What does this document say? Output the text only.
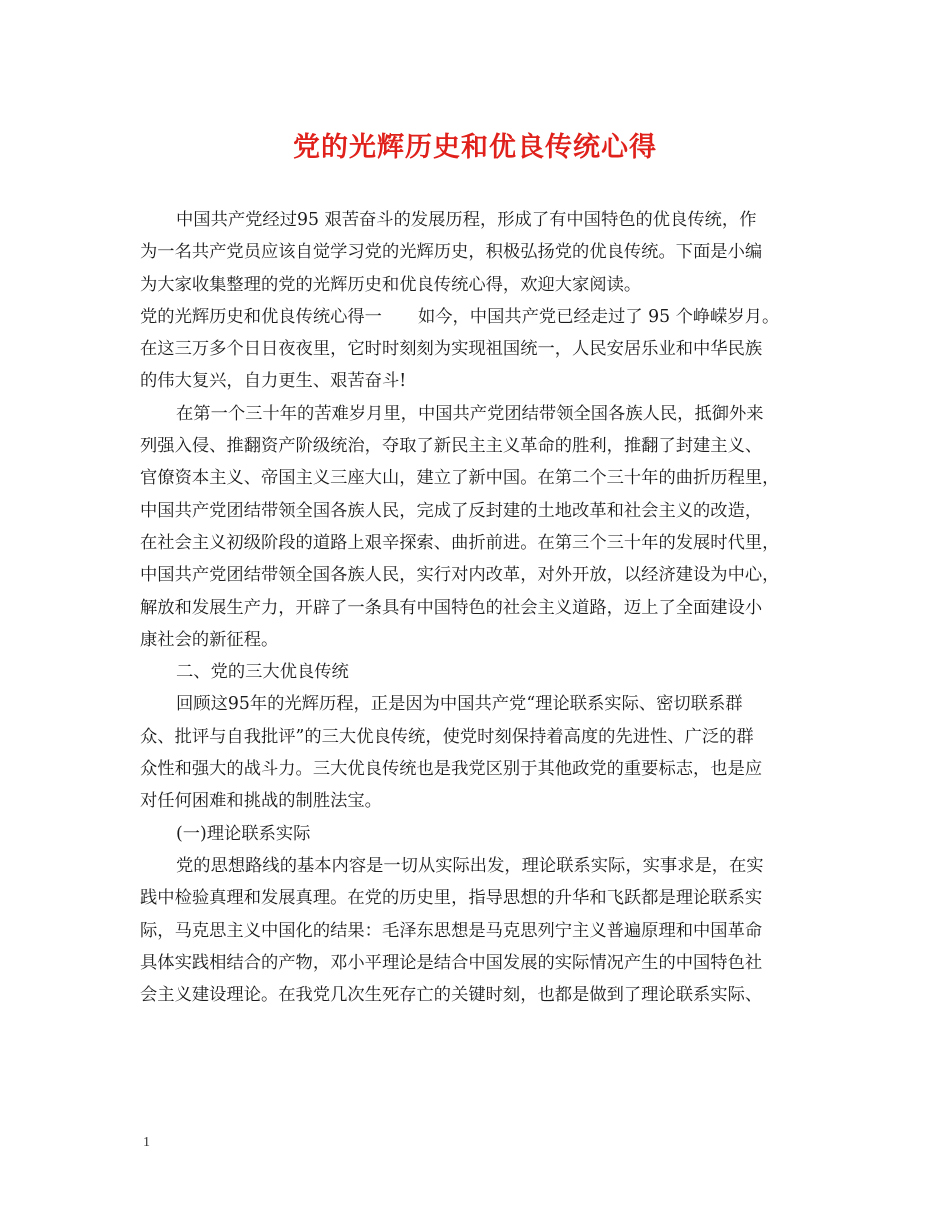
党的光辉历史和优良传统心得
中国共产党经过95 艰苦奋斗的发展历程，形成了有中国特色的优良传统，作
为一名共产党员应该自觉学习党的光辉历史，积极弘扬党的优良传统。下面是小编
为大家收集整理的党的光辉历史和优良传统心得，欢迎大家阅读。
党的光辉历史和优良传统心得一 如今，中国共产党已经走过了 95 个峥嵘岁月。
在这三万多个日日夜夜里，它时时刻刻为实现祖国统一，人民安居乐业和中华民族
的伟大复兴，自力更生、艰苦奋斗!
在第一个三十年的苦难岁月里，中国共产党团结带领全国各族人民，抵御外来
列强入侵、推翻资产阶级统治，夺取了新民主主义革命的胜利，推翻了封建主义、
官僚资本主义、帝国主义三座大山，建立了新中国。在第二个三十年的曲折历程里，
中国共产党团结带领全国各族人民，完成了反封建的土地改革和社会主义的改造，
在社会主义初级阶段的道路上艰辛探索、曲折前进。在第三个三十年的发展时代里，
中国共产党团结带领全国各族人民，实行对内改革，对外开放，以经济建设为中心，
解放和发展生产力，开辟了一条具有中国特色的社会主义道路，迈上了全面建设小
康社会的新征程。
二、党的三大优良传统
回顾这95年的光辉历程，正是因为中国共产党“理论联系实际、密切联系群
众、批评与自我批评”的三大优良传统，使党时刻保持着高度的先进性、广泛的群
众性和强大的战斗力。三大优良传统也是我党区别于其他政党的重要标志，也是应
对任何困难和挑战的制胜法宝。
(一)理论联系实际
党的思想路线的基本内容是一切从实际出发，理论联系实际，实事求是，在实
践中检验真理和发展真理。在党的历史里，指导思想的升华和飞跃都是理论联系实
际，马克思主义中国化的结果：毛泽东思想是马克思列宁主义普遍原理和中国革命
具体实践相结合的产物，邓小平理论是结合中国发展的实际情况产生的中国特色社
会主义建设理论。在我党几次生死存亡的关键时刻，也都是做到了理论联系实际、
1
